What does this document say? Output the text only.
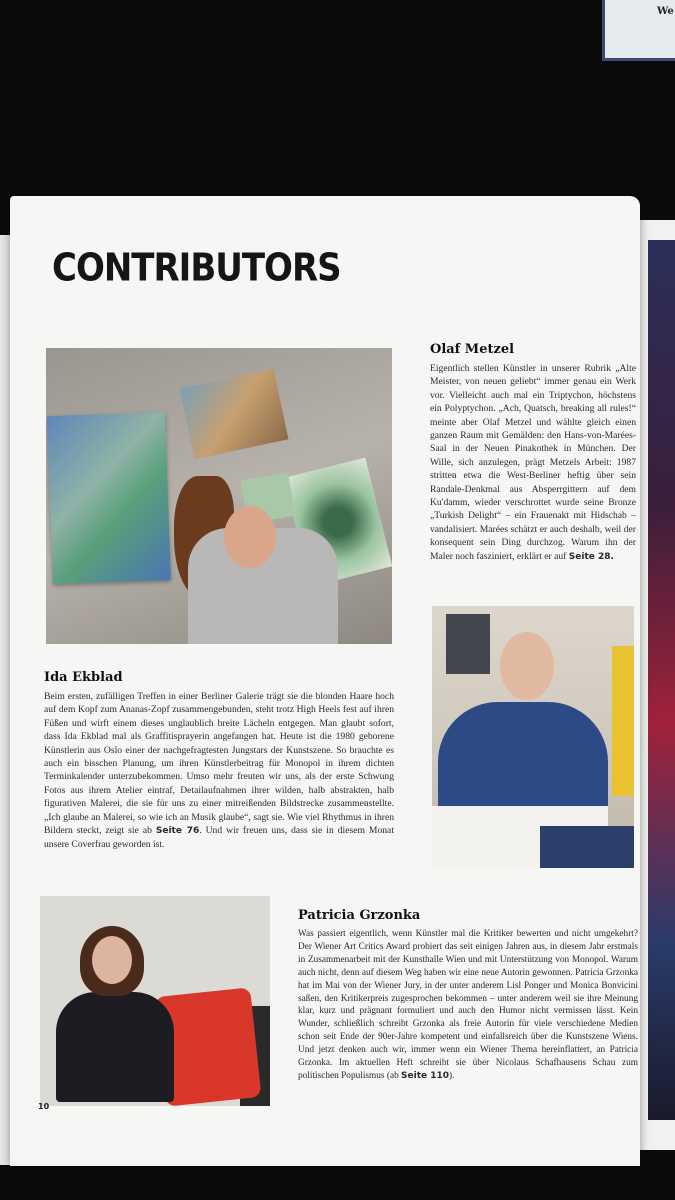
We
CONTRIBUTORS
Olaf Metzel

Eigentlich stellen Künstler in unserer Rubrik „Alte Meister, von neuen geliebt“ immer genau ein Werk vor. Vielleicht auch mal ein Triptychon, höchstens ein Polyptychon. „Ach, Quatsch, breaking all rules!“ meinte aber Olaf Metzel und wählte gleich einen ganzen Raum mit Gemälden: den Hans-von-Marées-Saal in der Neuen Pinakothek in München. Der Wille, sich anzulegen, prägt Metzels Arbeit: 1987 stritten etwa die West-Berliner heftig über sein Randale-Denkmal aus Absperrgittern auf dem Ku'damm, wieder verschrottet wurde seine Bronze „Turkish Delight“ – ein Frauenakt mit Hidschab – vandalisiert. Marées schätzt er auch deshalb, weil der konsequent sein Ding durchzog. Warum ihn der Maler noch fasziniert, erklärt er auf Seite 28.

Ida Ekblad

Beim ersten, zufälligen Treffen in einer Berliner Galerie trägt sie die blonden Haare hoch auf dem Kopf zum Ananas-Zopf zusammengebunden, steht trotz High Heels fest auf ihren Füßen und wirft einem dieses unglaublich breite Lächeln entgegen. Man glaubt sofort, dass Ida Ekblad mal als Graffitisprayerin angefangen hat. Heute ist die 1980 geborene Künstlerin aus Oslo einer der nachgefragtesten Jungstars der Kunstszene. So brauchte es auch ein bisschen Planung, um ihren Künstlerbeitrag für Monopol in ihrem dichten Terminkalender unterzubekommen. Umso mehr freuten wir uns, als der erste Schwung Fotos aus ihrem Atelier eintraf, Detailaufnahmen ihrer wilden, halb abstrakten, halb figurativen Malerei, die sie für uns zu einer mitreißenden Bildstrecke zusammenstellte. „Ich glaube an Malerei, so wie ich an Musik glaube“, sagt sie. Wie viel Rhythmus in ihren Bildern steckt, zeigt sie ab Seite 76. Und wir freuen uns, dass sie in diesem Monat unsere Coverfrau geworden ist.

Patricia Grzonka

Was passiert eigentlich, wenn Künstler mal die Kritiker bewerten und nicht umgekehrt? Der Wiener Art Critics Award probiert das seit einigen Jahren aus, in diesem Jahr erstmals in Zusammenarbeit mit der Kunsthalle Wien und mit Unterstützung von Monopol. Warum auch nicht, denn auf diesem Weg haben wir eine neue Autorin gewonnen. Patricia Grzonka hat im Mai von der Wiener Jury, in der unter anderem Lisl Ponger und Monica Bonvicini saßen, den Kritikerpreis zugesprochen bekommen – unter anderem weil sie ihre Meinung klar, kurz und prägnant formuliert und auch den Humor nicht vermissen lässt. Kein Wunder, schließlich schreibt Grzonka als freie Autorin für viele verschiedene Medien schon seit Ende der 90er-Jahre kompetent und einfallsreich über die Kunstszene Wiens. Und jetzt denken auch wir, immer wenn ein Wiener Thema hereinflattert, an Patricia Grzonka. Im aktuellen Heft schreibt sie über Nicolaus Schafhausens Schau zum politischen Populismus (ab Seite 110).

10
